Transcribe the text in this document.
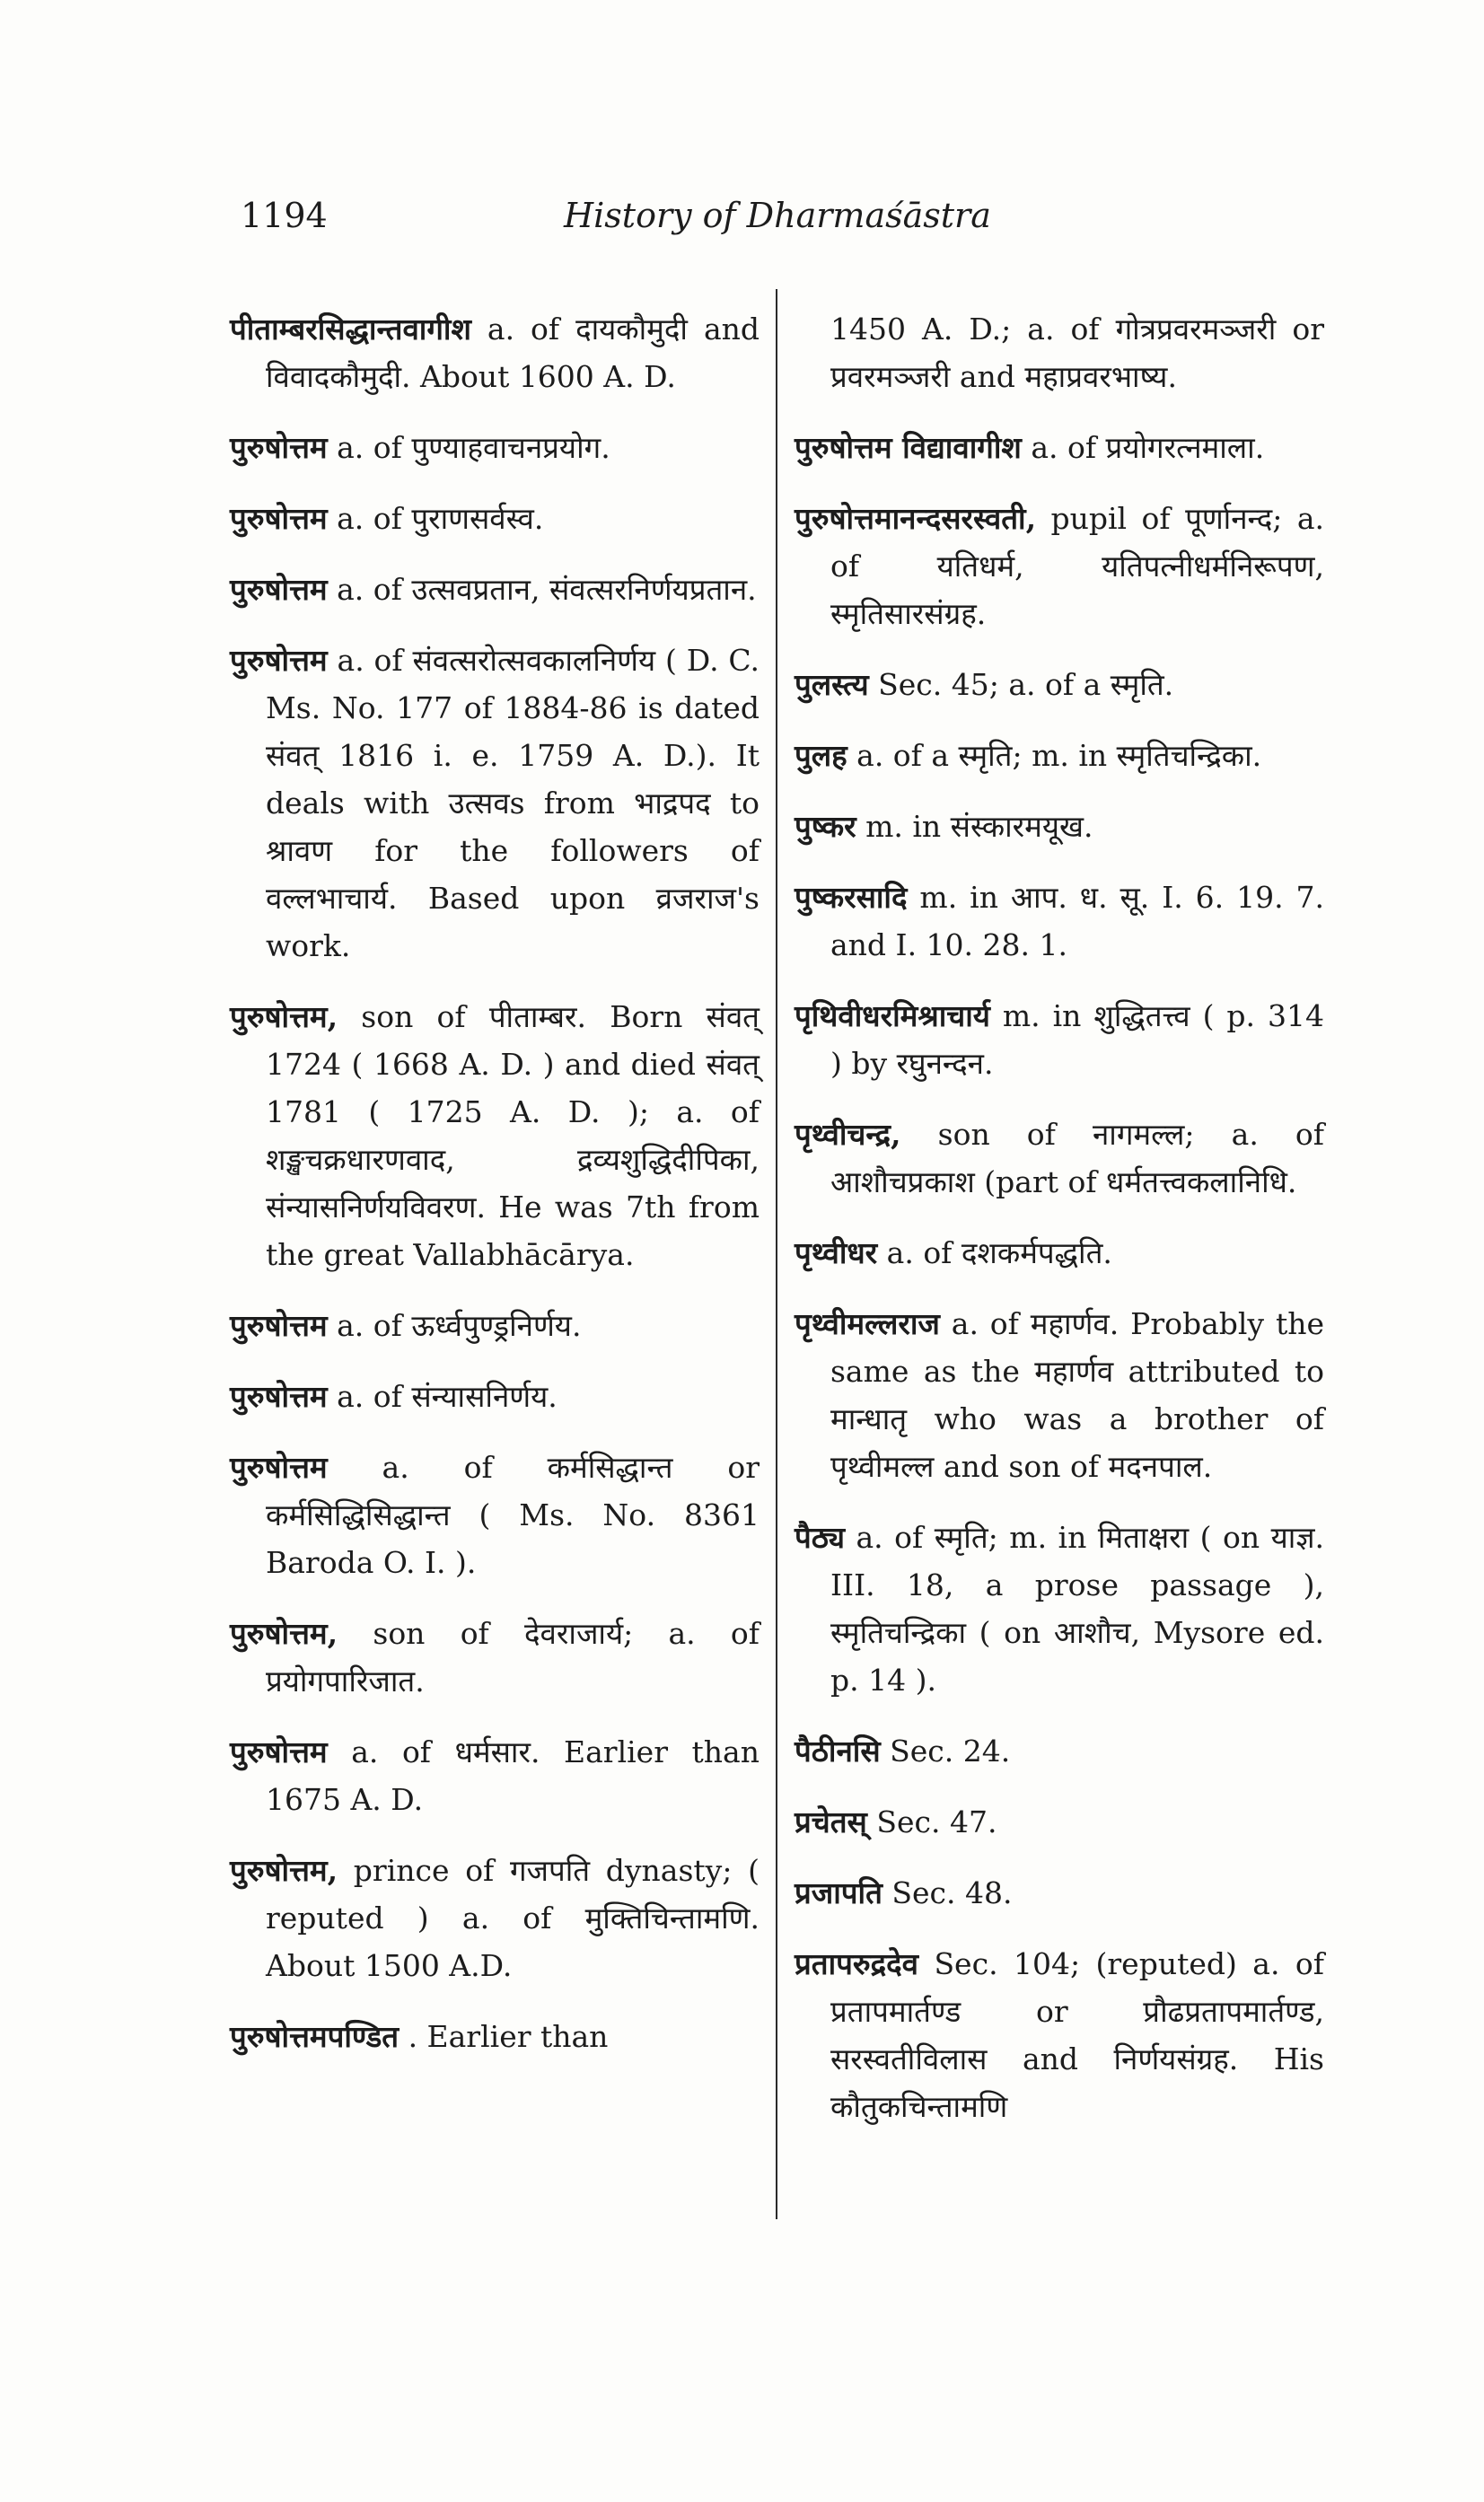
1194	History of Dharmaśāstra

पीताम्बरसिद्धान्तवागीश a. of दायकौमुदी and विवादकौमुदी. About 1600 A. D.

पुरुषोत्तम a. of पुण्याहवाचनप्रयोग.

पुरुषोत्तम a. of पुराणसर्वस्व.

पुरुषोत्तम a. of उत्सवप्रतान, संवत्सरनिर्णयप्रतान.

पुरुषोत्तम a. of संवत्सरोत्सवकालनिर्णय ( D. C. Ms. No. 177 of 1884-86 is dated संवत् 1816 i. e. 1759 A. D.). It deals with उत्सवs from भाद्रपद to श्रावण for the followers of वल्लभाचार्य. Based upon व्रजराज's work.

पुरुषोत्तम, son of पीताम्बर. Born संवत् 1724 ( 1668 A. D. ) and died संवत् 1781 ( 1725 A. D. ); a. of शङ्खचक्रधारणवाद, द्रव्यशुद्धिदीपिका, संन्यासनिर्णयविवरण. He was 7th from the great Vallabhācārya.

पुरुषोत्तम a. of ऊर्ध्वपुण्ड्रनिर्णय.

पुरुषोत्तम a. of संन्यासनिर्णय.

पुरुषोत्तम a. of कर्मसिद्धान्त or कर्मसिद्धिसिद्धान्त ( Ms. No. 8361 Baroda O. I. ).

पुरुषोत्तम, son of देवराजार्य; a. of प्रयोगपारिजात.

पुरुषोत्तम a. of धर्मसार. Earlier than 1675 A. D.

पुरुषोत्तम, prince of गजपति dynasty; ( reputed ) a. of मुक्तिचिन्तामणि. About 1500 A.D.

पुरुषोत्तमपण्डित . Earlier than

1450 A. D.; a. of गोत्रप्रवरमञ्जरी or प्रवरमञ्जरी and महाप्रवरभाष्य.

पुरुषोत्तम विद्यावागीश a. of प्रयोगरत्नमाला.

पुरुषोत्तमानन्दसरस्वती, pupil of पूर्णानन्द; a. of यतिधर्म, यतिपत्नीधर्मनिरूपण, स्मृतिसारसंग्रह.

पुलस्त्य Sec. 45; a. of a स्मृति.

पुलह a. of a स्मृति; m. in स्मृतिचन्द्रिका.

पुष्कर m. in संस्कारमयूख.

पुष्करसादि m. in आप. ध. सू. I. 6. 19. 7. and I. 10. 28. 1.

पृथिवीधरमिश्राचार्य m. in शुद्धितत्त्व ( p. 314 ) by रघुनन्दन.

पृथ्वीचन्द्र, son of नागमल्ल; a. of आशौचप्रकाश (part of धर्मतत्त्वकलानिधि.

पृथ्वीधर a. of दशकर्मपद्धति.

पृथ्वीमल्लराज a. of महार्णव. Probably the same as the महार्णव attributed to मान्धातृ who was a brother of पृथ्वीमल्ल and son of मदनपाल.

पैठ्य a. of स्मृति; m. in मिताक्षरा ( on याज्ञ. III. 18, a prose passage ), स्मृतिचन्द्रिका ( on आशौच, Mysore ed. p. 14 ).

पैठीनसि Sec. 24.

प्रचेतस् Sec. 47.

प्रजापति Sec. 48.

प्रतापरुद्रदेव Sec. 104; (reputed) a. of प्रतापमार्तण्ड or प्रौढप्रतापमार्तण्ड, सरस्वतीविलास and निर्णयसंग्रह. His कौतुकचिन्तामणि
